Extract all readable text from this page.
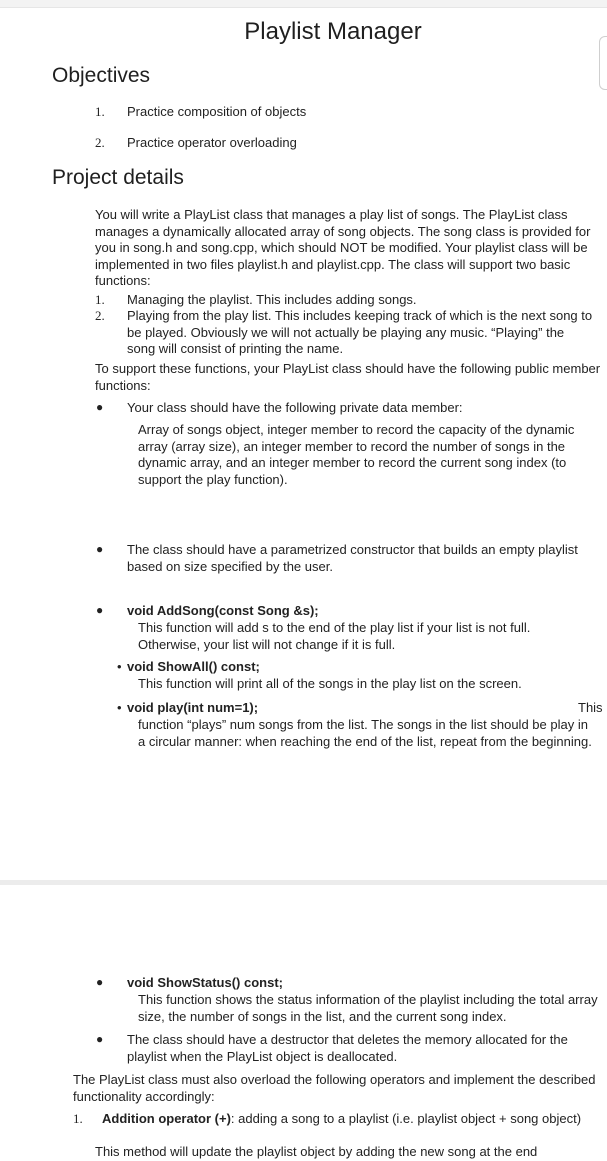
Playlist Manager
Objectives
1. Practice composition of objects

2. Practice operator overloading

Project details

You will write a PlayList class that manages a play list of songs. The PlayList class manages a dynamically allocated array of song objects. The song class is provided for you in song.h and song.cpp, which should NOT be modified. Your playlist class will be implemented in two files playlist.h and playlist.cpp. The class will support two basic functions:

1. Managing the playlist. This includes adding songs.

2. Playing from the play list. This includes keeping track of which is the next song to be played. Obviously we will not actually be playing any music. “Playing” the song will consist of printing the name.

To support these functions, your PlayList class should have the following public member functions:

● Your class should have the following private data member:

Array of songs object, integer member to record the capacity of the dynamic array (array size), an integer member to record the number of songs in the dynamic array, and an integer member to record the current song index (to support the play function).

● The class should have a parametrized constructor that builds an empty playlist based on size specified by the user.

● void AddSong(const Song &s);

This function will add s to the end of the play list if your list is not full. Otherwise, your list will not change if it is full.

• void ShowAll() const;

This function will print all of the songs in the play list on the screen.

• void play(int num=1);	This

function “plays” num songs from the list. The songs in the list should be play in a circular manner: when reaching the end of the list, repeat from the beginning.

● void ShowStatus() const;

This function shows the status information of the playlist including the total array size, the number of songs in the list, and the current song index.

● The class should have a destructor that deletes the memory allocated for the playlist when the PlayList object is deallocated.

The PlayList class must also overload the following operators and implement the described functionality accordingly:

1.	Addition operator (+): adding a song to a playlist (i.e. playlist object + song object)

This method will update the playlist object by adding the new song at the end
